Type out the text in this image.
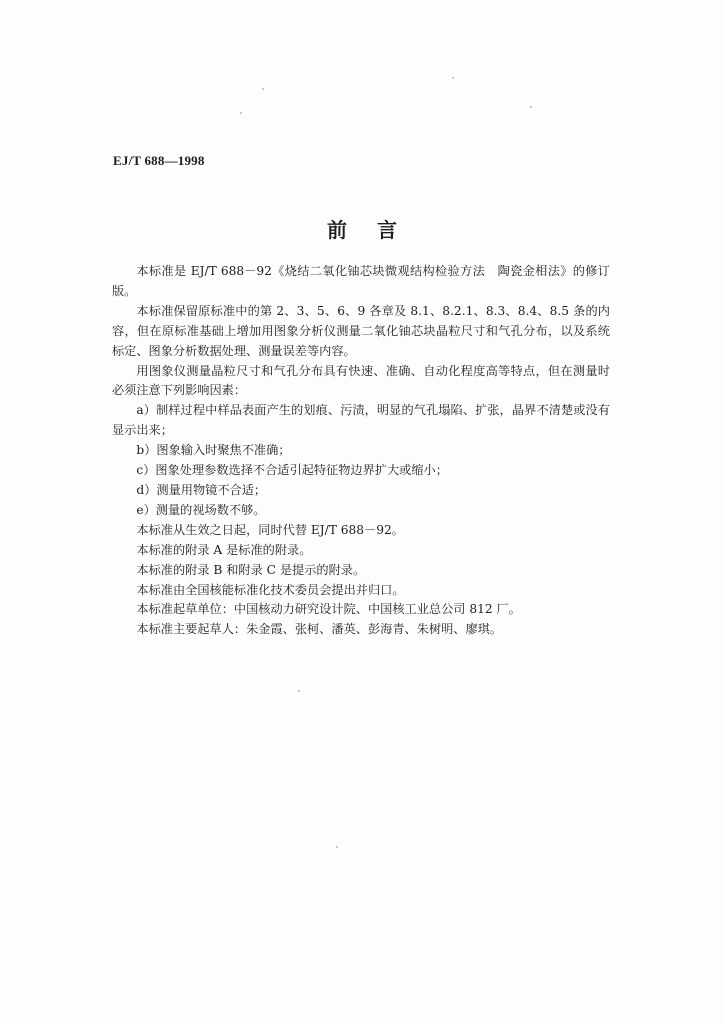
EJ/T 688—1998
前 言

本标准是 EJ/T 688－92《烧结二氧化铀芯块微观结构检验方法　陶瓷金相法》的修订版。

本标准保留原标准中的第 2、3、5、6、9 各章及 8.1、8.2.1、8.3、8.4、8.5 条的内容，但在原标准基础上增加用图象分析仪测量二氧化铀芯块晶粒尺寸和气孔分布，以及系统标定、图象分析数据处理、测量误差等内容。

用图象仪测量晶粒尺寸和气孔分布具有快速、准确、自动化程度高等特点，但在测量时必须注意下列影响因素：

a）制样过程中样品表面产生的划痕、污渍，明显的气孔塌陷、扩张，晶界不清楚或没有显示出来；

b）图象输入时聚焦不准确；

c）图象处理参数选择不合适引起特征物边界扩大或缩小；

d）测量用物镜不合适；

e）测量的视场数不够。

本标准从生效之日起，同时代替 EJ/T 688－92。

本标准的附录 A 是标准的附录。

本标准的附录 B 和附录 C 是提示的附录。

本标准由全国核能标准化技术委员会提出并归口。

本标准起草单位：中国核动力研究设计院、中国核工业总公司 812 厂。

本标准主要起草人：朱金霞、张柯、潘英、彭海青、朱树明、廖琪。
